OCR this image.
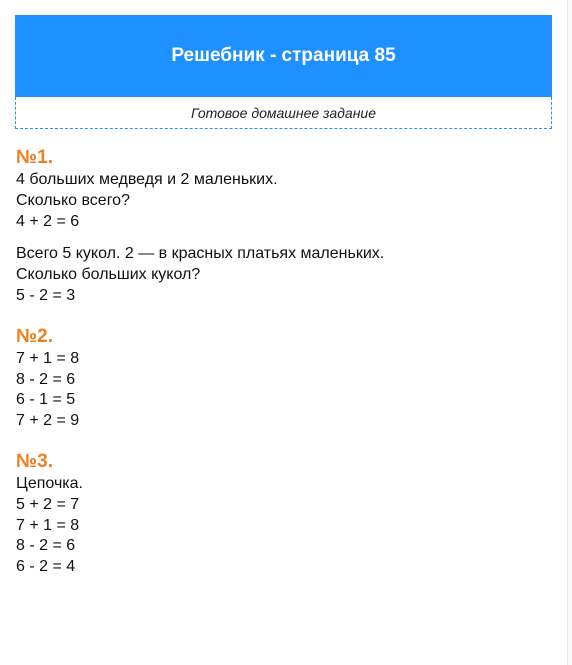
Решебник - страница 85
Готовое домашнее задание
№1.
4 больших медведя и 2 маленьких.
Сколько всего?
4 + 2 = 6
Всего 5 кукол. 2 — в красных платьях маленьких.
Сколько больших кукол?
5 - 2 = 3
№2.
7 + 1 = 8
8 - 2 = 6
6 - 1 = 5
7 + 2 = 9
№3.
Цепочка.
5 + 2 = 7
7 + 1 = 8
8 - 2 = 6
6 - 2 = 4
